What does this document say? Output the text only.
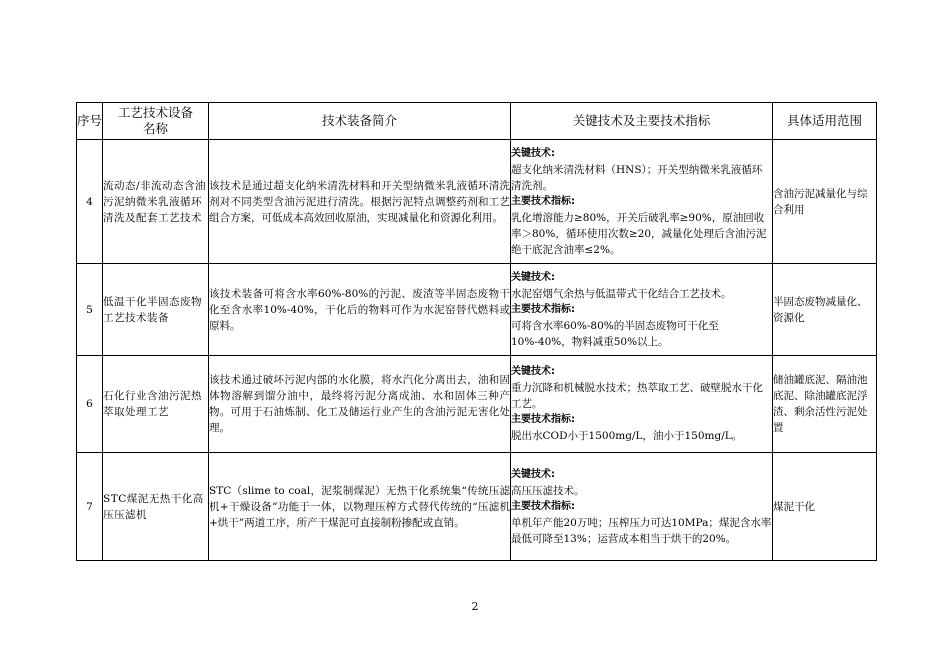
序号	工艺技术设备名称	技术装备简介	关键技术及主要技术指标	具体适用范围
4	流动态/非流动态含油污泥纳微米乳液循环清洗及配套工艺技术	该技术是通过超支化纳米清洗材料和开关型纳微米乳液循环清洗剂对不同类型含油污泥进行清洗。根据污泥特点调整药剂和工艺组合方案，可低成本高效回收原油，实现减量化和资源化利用。	关键技术:
超支化纳米清洗材料（HNS）；开关型纳微米乳液循环清洗剂。
主要技术指标:
乳化增溶能力≥80%，开关后破乳率≥90%，原油回收率＞80%，循环使用次数≥20，减量化处理后含油污泥绝干底泥含油率≤2%。	含油污泥减量化与综合利用
5	低温干化半固态废物工艺技术装备	该技术装备可将含水率60%-80%的污泥、废渣等半固态废物干化至含水率10%-40%，干化后的物料可作为水泥窑替代燃料或原料。	关键技术:
水泥窑烟气余热与低温带式干化结合工艺技术。
主要技术指标:
可将含水率60%-80%的半固态废物可干化至10%-40%，物料减重50%以上。	半固态废物减量化、资源化
6	石化行业含油污泥热萃取处理工艺	该技术通过破坏污泥内部的水化膜，将水汽化分离出去，油和固体物溶解到馏分油中，最终将污泥分离成油、水和固体三种产物。可用于石油炼制、化工及储运行业产生的含油污泥无害化处理。	关键技术:
重力沉降和机械脱水技术；热萃取工艺、破壁脱水干化工艺。
主要技术指标:
脱出水COD小于1500mg/L，油小于150mg/L。	储油罐底泥、隔油池底泥、除油罐底泥浮渣、剩余活性污泥处置
7	STC煤泥无热干化高压压滤机	STC（slime to coal，泥浆制煤泥）无热干化系统集“传统压滤机+干燥设备”功能于一体，以物理压榨方式替代传统的“压滤机+烘干”两道工序，所产干煤泥可直接制粉掺配或直销。	关键技术:
高压压滤技术。
主要技术指标:
单机年产能20万吨；压榨压力可达10MPa；煤泥含水率最低可降至13%；运营成本相当于烘干的20%。	煤泥干化
2
